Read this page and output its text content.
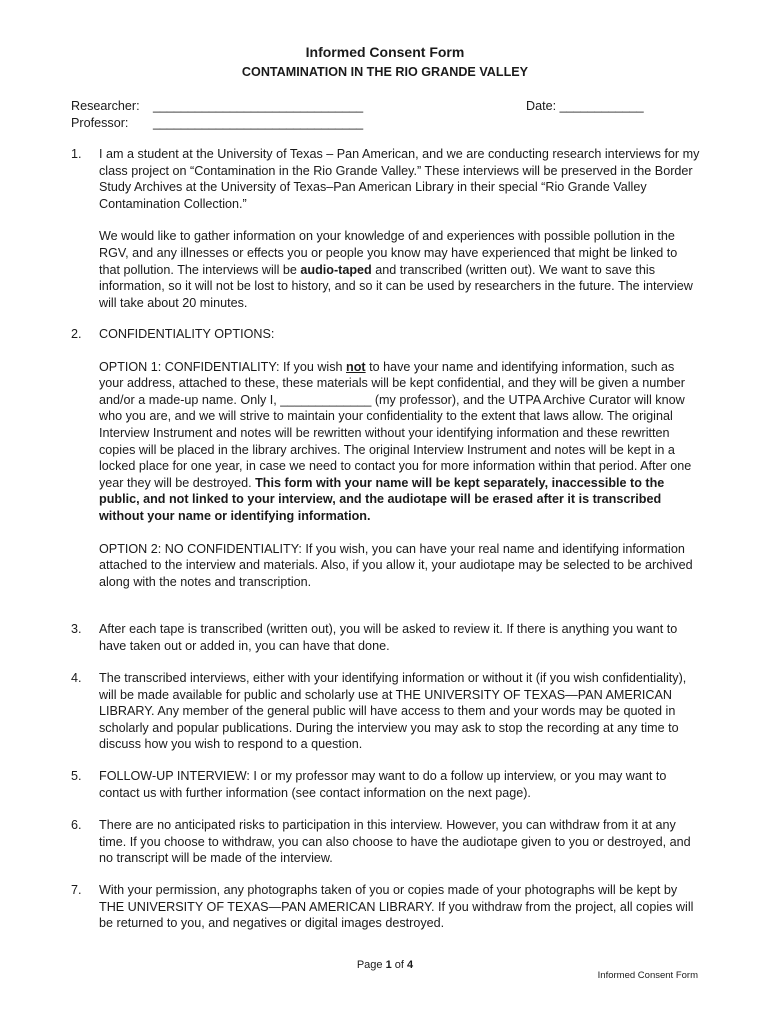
Informed Consent Form
CONTAMINATION IN THE RIO GRANDE VALLEY
Researcher: ______________________________	Date: ____________
Professor: ______________________________
1. I am a student at the University of Texas – Pan American, and we are conducting research interviews for my class project on “Contamination in the Rio Grande Valley.” These interviews will be preserved in the Border Study Archives at the University of Texas–Pan American Library in their special “Rio Grande Valley Contamination Collection.”

We would like to gather information on your knowledge of and experiences with possible pollution in the RGV, and any illnesses or effects you or people you know may have experienced that might be linked to that pollution. The interviews will be audio-taped and transcribed (written out). We want to save this information, so it will not be lost to history, and so it can be used by researchers in the future. The interview will take about 20 minutes.

2. CONFIDENTIALITY OPTIONS:

OPTION 1: CONFIDENTIALITY: If you wish not to have your name and identifying information, such as your address, attached to these, these materials will be kept confidential, and they will be given a number and/or a made-up name. Only I, _____________ (my professor), and the UTPA Archive Curator will know who you are, and we will strive to maintain your confidentiality to the extent that laws allow. The original Interview Instrument and notes will be rewritten without your identifying information and these rewritten copies will be placed in the library archives. The original Interview Instrument and notes will be kept in a locked place for one year, in case we need to contact you for more information within that period. After one year they will be destroyed. This form with your name will be kept separately, inaccessible to the public, and not linked to your interview, and the audiotape will be erased after it is transcribed without your name or identifying information.

OPTION 2: NO CONFIDENTIALITY: If you wish, you can have your real name and identifying information attached to the interview and materials. Also, if you allow it, your audiotape may be selected to be archived along with the notes and transcription.

3. After each tape is transcribed (written out), you will be asked to review it. If there is anything you want to have taken out or added in, you can have that done.

4. The transcribed interviews, either with your identifying information or without it (if you wish confidentiality), will be made available for public and scholarly use at THE UNIVERSITY OF TEXAS—PAN AMERICAN LIBRARY. Any member of the general public will have access to them and your words may be quoted in scholarly and popular publications. During the interview you may ask to stop the recording at any time to discuss how you wish to respond to a question.

5. FOLLOW-UP INTERVIEW: I or my professor may want to do a follow up interview, or you may want to contact us with further information (see contact information on the next page).

6. There are no anticipated risks to participation in this interview. However, you can withdraw from it at any time. If you choose to withdraw, you can also choose to have the audiotape given to you or destroyed, and no transcript will be made of the interview.

7. With your permission, any photographs taken of you or copies made of your photographs will be kept by THE UNIVERSITY OF TEXAS—PAN AMERICAN LIBRARY. If you withdraw from the project, all copies will be returned to you, and negatives or digital images destroyed.

Page 1 of 4
Informed Consent Form
